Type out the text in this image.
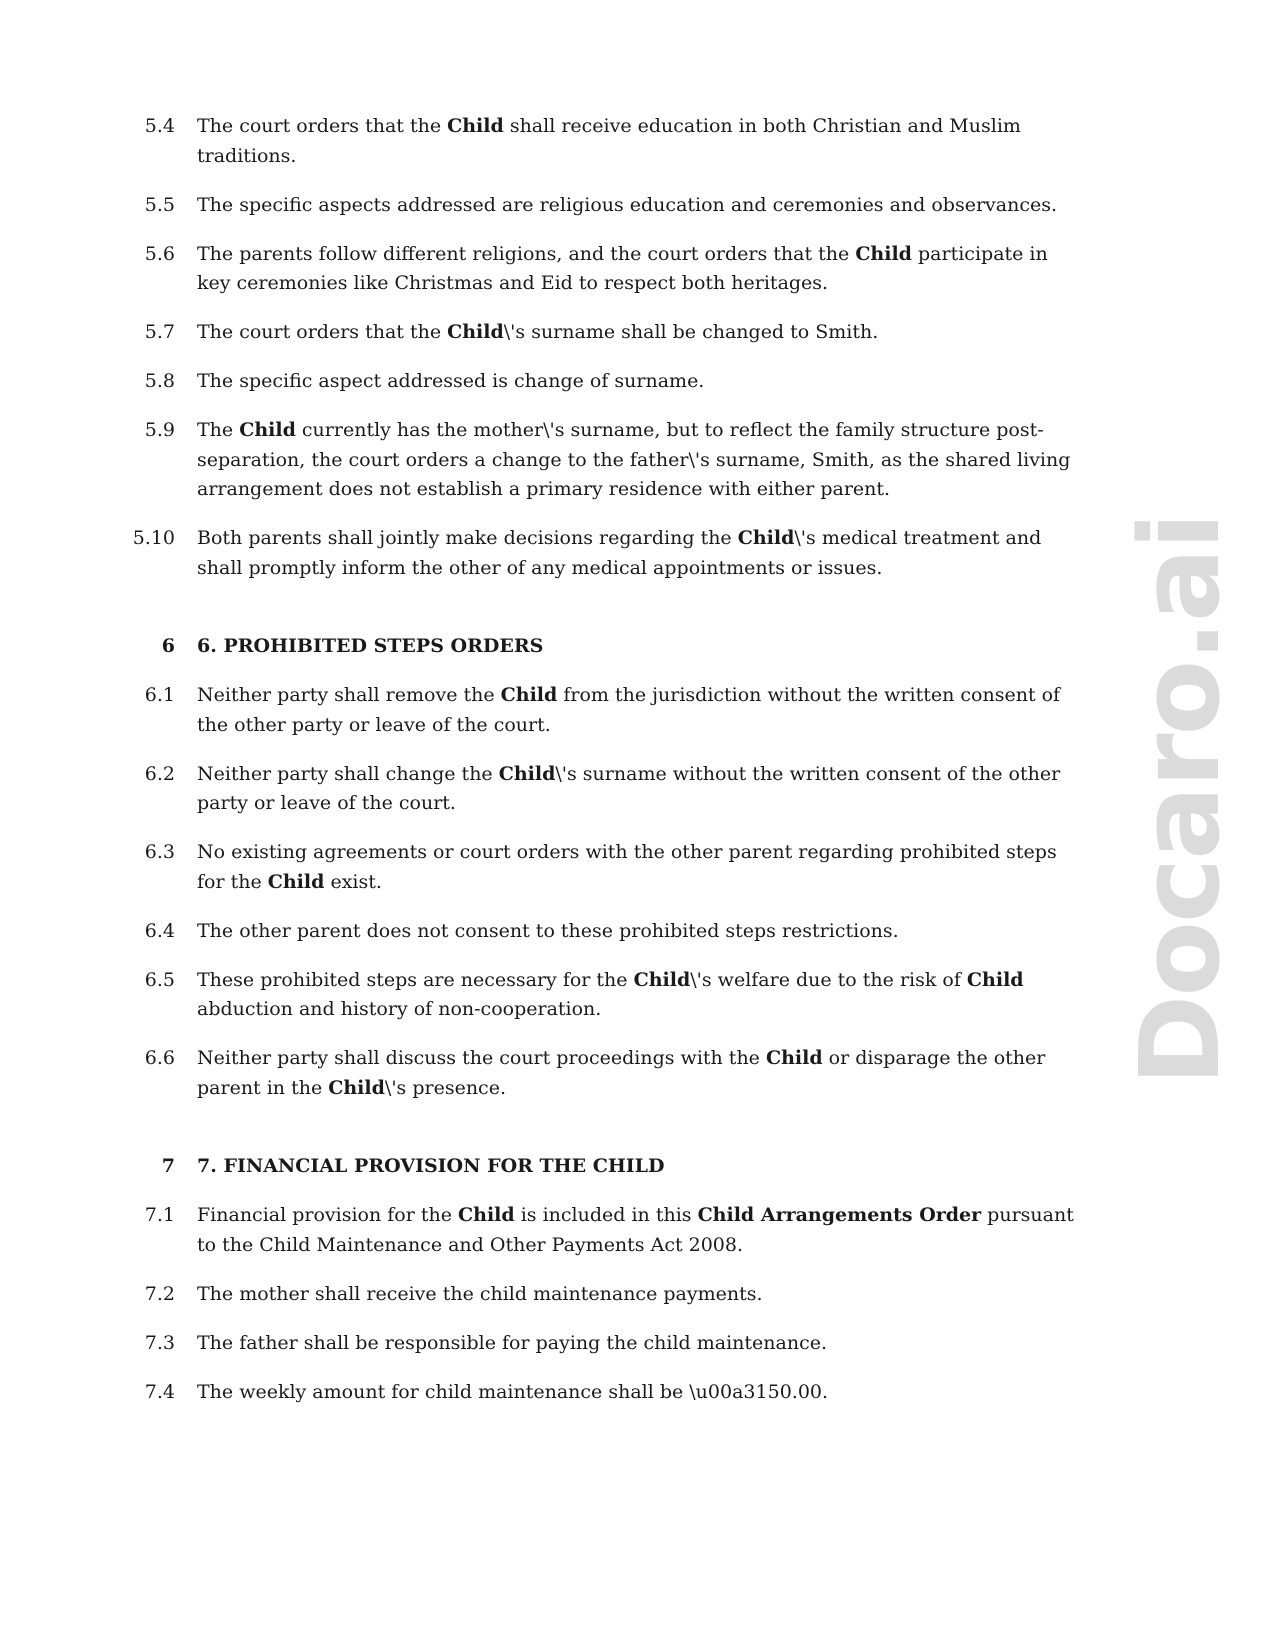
5.4 The court orders that the Child shall receive education in both Christian and Muslim traditions.
5.5 The specific aspects addressed are religious education and ceremonies and observances.
5.6 The parents follow different religions, and the court orders that the Child participate in key ceremonies like Christmas and Eid to respect both heritages.
5.7 The court orders that the Child\'s surname shall be changed to Smith.
5.8 The specific aspect addressed is change of surname.
5.9 The Child currently has the mother\'s surname, but to reflect the family structure post-separation, the court orders a change to the father\'s surname, Smith, as the shared living arrangement does not establish a primary residence with either parent.
5.10 Both parents shall jointly make decisions regarding the Child\'s medical treatment and shall promptly inform the other of any medical appointments or issues.
6 6. PROHIBITED STEPS ORDERS
6.1 Neither party shall remove the Child from the jurisdiction without the written consent of the other party or leave of the court.
6.2 Neither party shall change the Child\'s surname without the written consent of the other party or leave of the court.
6.3 No existing agreements or court orders with the other parent regarding prohibited steps for the Child exist.
6.4 The other parent does not consent to these prohibited steps restrictions.
6.5 These prohibited steps are necessary for the Child\'s welfare due to the risk of Child abduction and history of non-cooperation.
6.6 Neither party shall discuss the court proceedings with the Child or disparage the other parent in the Child\'s presence.
7 7. FINANCIAL PROVISION FOR THE CHILD
7.1 Financial provision for the Child is included in this Child Arrangements Order pursuant to the Child Maintenance and Other Payments Act 2008.
7.2 The mother shall receive the child maintenance payments.
7.3 The father shall be responsible for paying the child maintenance.
7.4 The weekly amount for child maintenance shall be \u00a3150.00.
Docaro.ai
